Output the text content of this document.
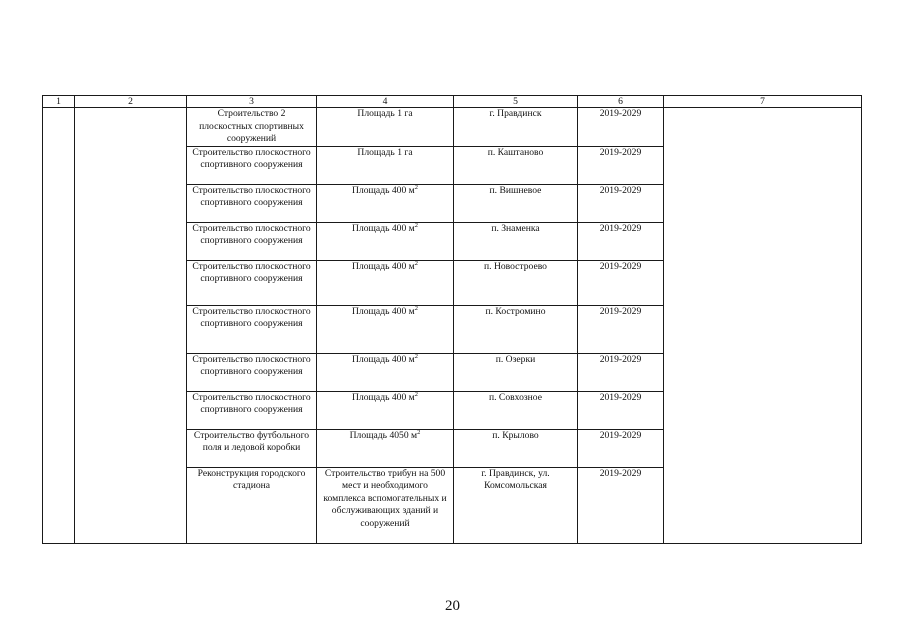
1	2	3	4	5	6	7
		Строительство 2 плоскостных спортивных сооружений	Площадь 1 га	г. Правдинск	2019-2029	
		Строительство плоскостного спортивного сооружения	Площадь 1 га	п. Каштаново	2019-2029	
		Строительство плоскостного спортивного сооружения	Площадь 400 $м^2$	п. Вишневое	2019-2029	
		Строительство плоскостного спортивного сооружения	Площадь 400 $м^2$	п. Знаменка	2019-2029	
		Строительство плоскостного спортивного сооружения	Площадь 400 $м^2$	п. Новостроево	2019-2029	
		Строительство плоскостного спортивного сооружения	Площадь 400 $м^2$	п. Костромино	2019-2029	
		Строительство плоскостного спортивного сооружения	Площадь 400 $м^2$	п. Озерки	2019-2029	
		Строительство плоскостного спортивного сооружения	Площадь 400 $м^2$	п. Совхозное	2019-2029	
		Строительство футбольного поля и ледовой коробки	Площадь 4050 $м^2$	п. Крылово	2019-2029	
		Реконструкция городского стадиона	Строительство трибун на 500 мест и необходимого комплекса вспомогательных и обслуживающих зданий и сооружений	г. Правдинск, ул. Комсомольская	2019-2029	
20
